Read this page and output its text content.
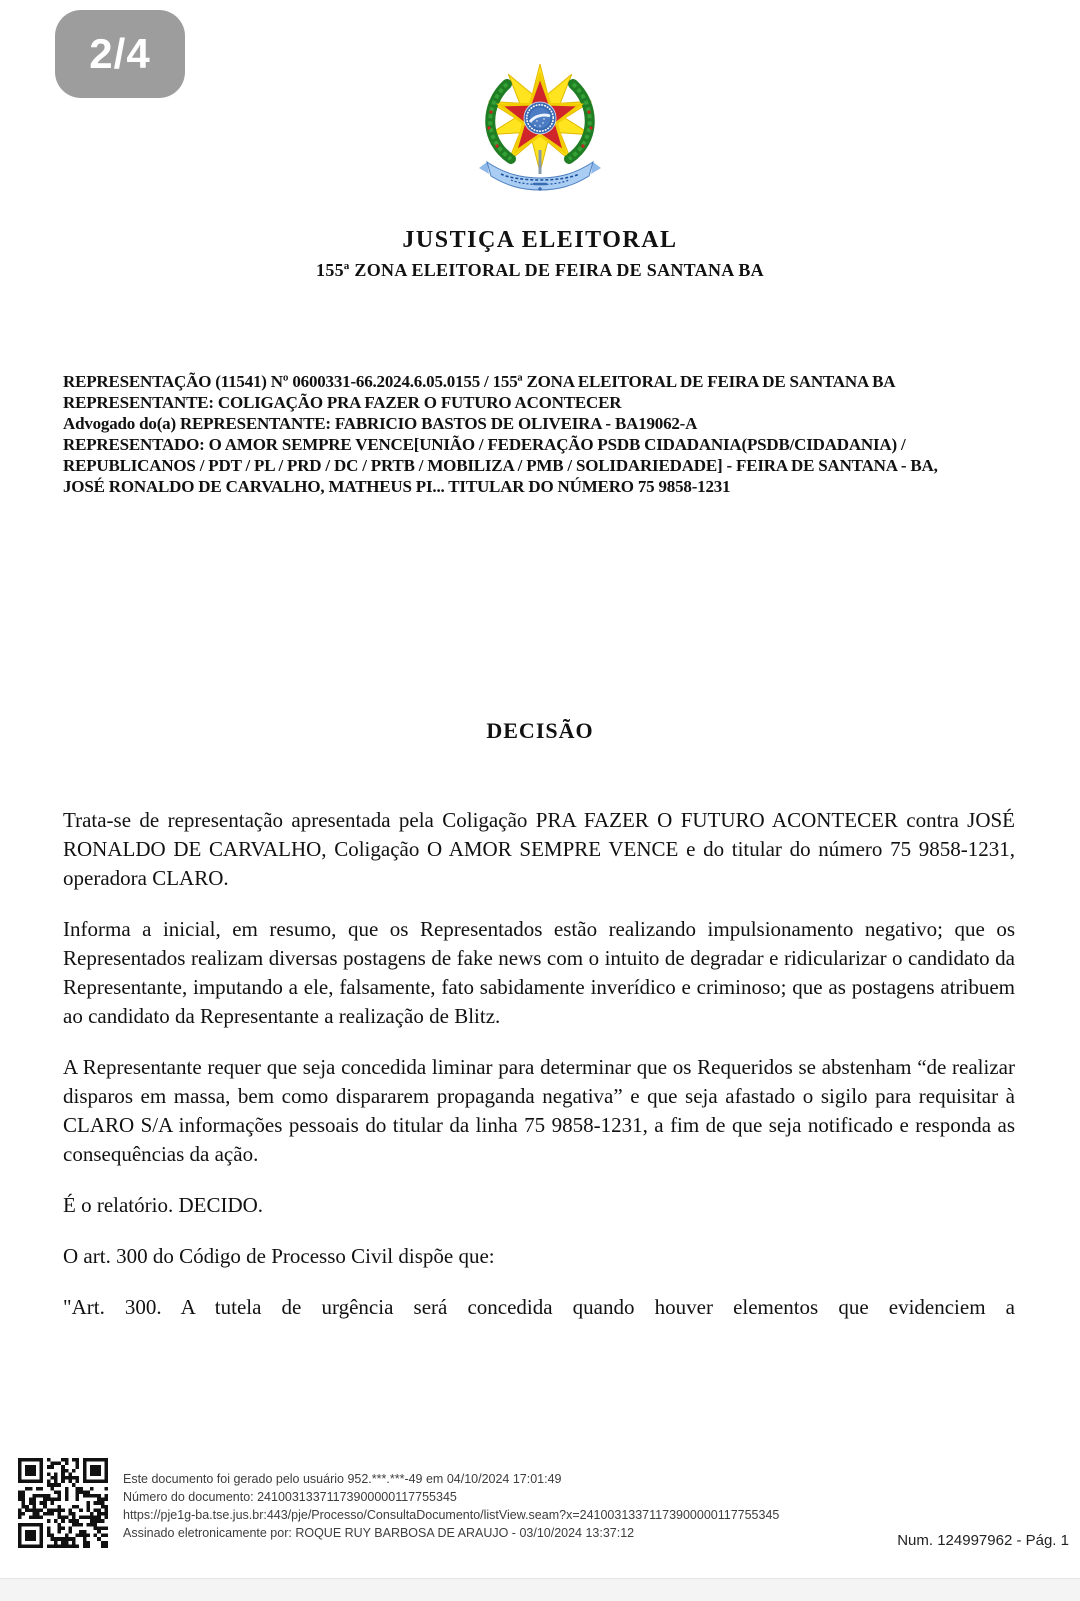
2/4
JUSTIÇA ELEITORAL
155ª ZONA ELEITORAL DE FEIRA DE SANTANA BA
REPRESENTAÇÃO (11541) Nº 0600331-66.2024.6.05.0155 / 155ª ZONA ELEITORAL DE FEIRA DE SANTANA BA
REPRESENTANTE: COLIGAÇÃO PRA FAZER O FUTURO ACONTECER
Advogado do(a) REPRESENTANTE: FABRICIO BASTOS DE OLIVEIRA - BA19062-A
REPRESENTADO: O AMOR SEMPRE VENCE[UNIÃO / FEDERAÇÃO PSDB CIDADANIA(PSDB/CIDADANIA) /
REPUBLICANOS / PDT / PL / PRD / DC / PRTB / MOBILIZA / PMB / SOLIDARIEDADE] - FEIRA DE SANTANA - BA,
JOSÉ RONALDO DE CARVALHO, MATHEUS PI... TITULAR DO NÚMERO 75 9858-1231
DECISÃO

Trata-se de representação apresentada pela Coligação PRA FAZER O FUTURO ACONTECER contra JOSÉ RONALDO DE CARVALHO, Coligação O AMOR SEMPRE VENCE e do titular do número 75 9858-1231, operadora CLARO.

Informa a inicial, em resumo, que os Representados estão realizando impulsionamento negativo; que os Representados realizam diversas postagens de fake news com o intuito de degradar e ridicularizar o candidato da Representante, imputando a ele, falsamente, fato sabidamente inverídico e criminoso; que as postagens atribuem ao candidato da Representante a realização de Blitz.

A Representante requer que seja concedida liminar para determinar que os Requeridos se abstenham “de realizar disparos em massa, bem como dispararem propaganda negativa” e que seja afastado o sigilo para requisitar à CLARO S/A informações pessoais do titular da linha 75 9858-1231, a fim de que seja notificado e responda as consequências da ação.

É o relatório. DECIDO.

O art. 300 do Código de Processo Civil dispõe que:

"Art. 300. A tutela de urgência será concedida quando houver elementos que evidenciem a

Este documento foi gerado pelo usuário 952.***.***-49 em 04/10/2024 17:01:49
Número do documento: 24100313371173900000117755345
https://pje1g-ba.tse.jus.br:443/pje/Processo/ConsultaDocumento/listView.seam?x=24100313371173900000117755345
Assinado eletronicamente por: ROQUE RUY BARBOSA DE ARAUJO - 03/10/2024 13:37:12	Num. 124997962 - Pág. 1
